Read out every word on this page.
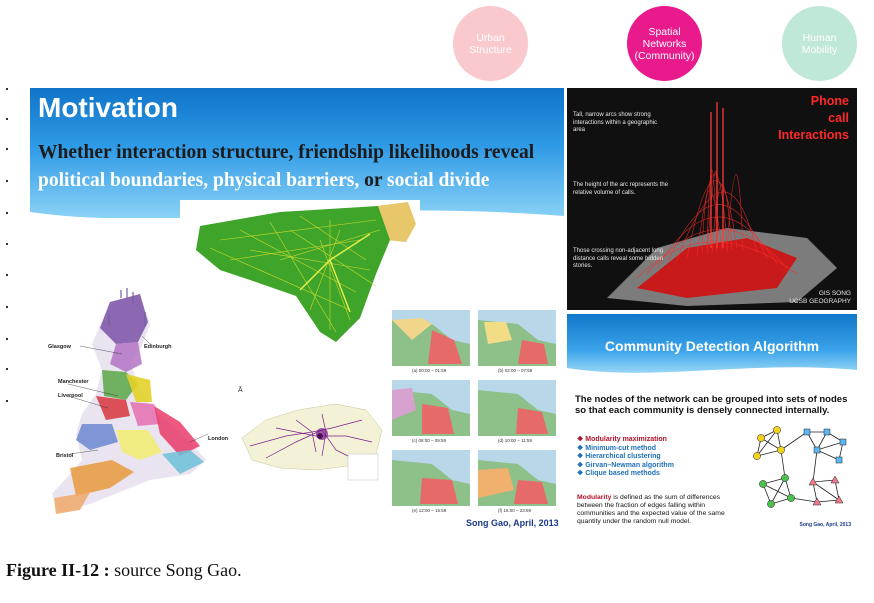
Urban
Structure
Spatial
Networks
(Community)
Human
Mobility
Motivation
Whether interaction structure, friendship likelihoods reveal
political boundaries, physical barriers, or social divide
Glasgow	Edinburgh
Manchester
Liverpool
London
Bristol
Ā
(a) 00:00 – 01:59	(b) 02:00 – 07:59
(c) 08:00 – 09:59	(d) 10:00 – 11:59
(e) 12:00 – 15:59	(f) 16:00 – 23:59
Song Gao, April, 2013
Phone
call
Interactions
Tall, narrow arcs show strong interactions within a geographic area
The height of the arc represents the relative volume of calls.
Those crossing non-adjacent long distance calls reveal some hidden stories.
GIS SONG
UCSB GEOGRAPHY
Community Detection Algorithm
The nodes of the network can be grouped into sets of nodes so that each community is densely connected internally.
❖ Modularity maximization
❖ Minimum-cut method
❖ Hierarchical clustering
❖ Girvan–Newman algorithm
❖ Clique based methods
Modularity is defined as the sum of differences between the fraction of edges falling within communities and the expected value of the same quantity under the random null model.	Song Gao, April, 2013
Figure II-12 : source Song Gao.
